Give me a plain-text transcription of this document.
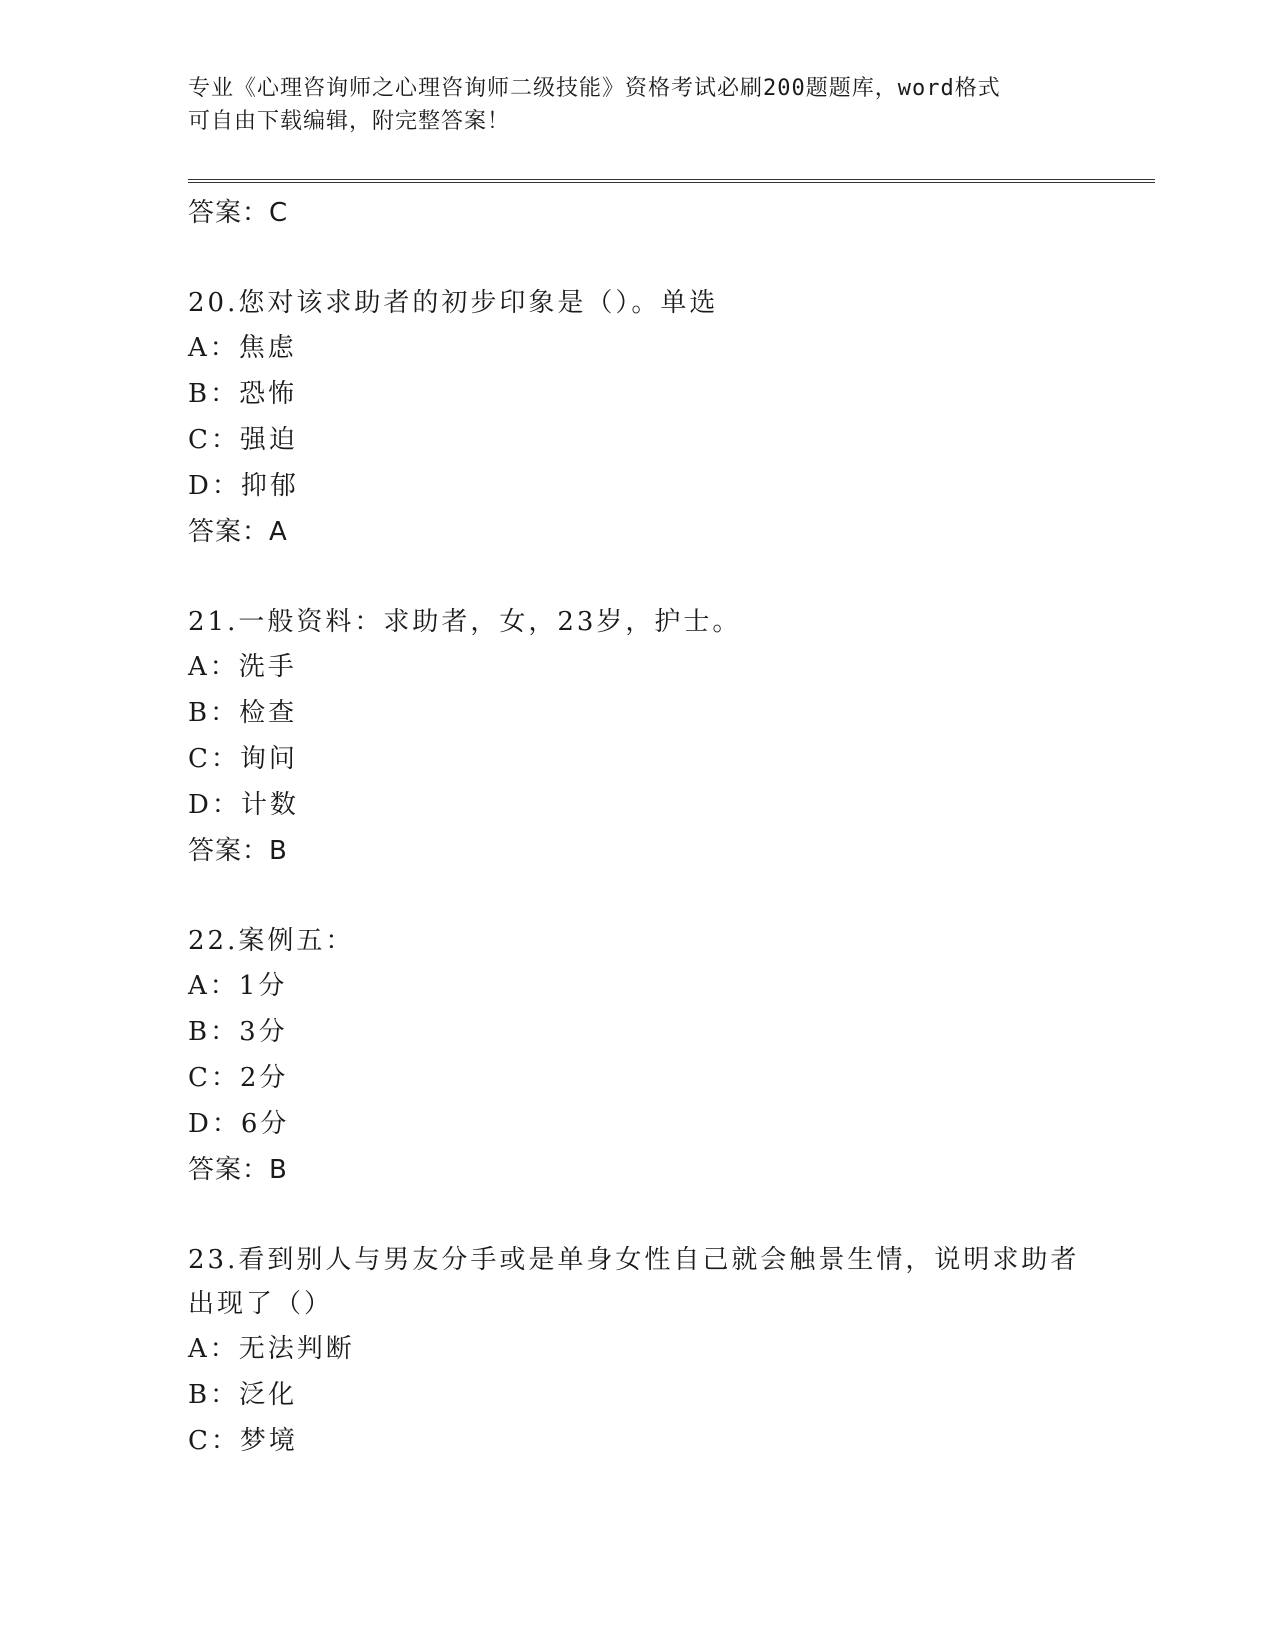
专业《心理咨询师之心理咨询师二级技能》资格考试必刷200题题库，word格式
可自由下载编辑，附完整答案！
答案：C
20.您对该求助者的初步印象是（）。单选
A：焦虑
B：恐怖
C：强迫
D：抑郁
答案：A
21.一般资料：求助者，女，23岁，护士。
A：洗手
B：检查
C：询问
D：计数
答案：B
22.案例五：
A：1分
B：3分
C：2分
D：6分
答案：B
23.看到别人与男友分手或是单身女性自己就会触景生情，说明求助者出现了（）
A：无法判断
B：泛化
C：梦境
